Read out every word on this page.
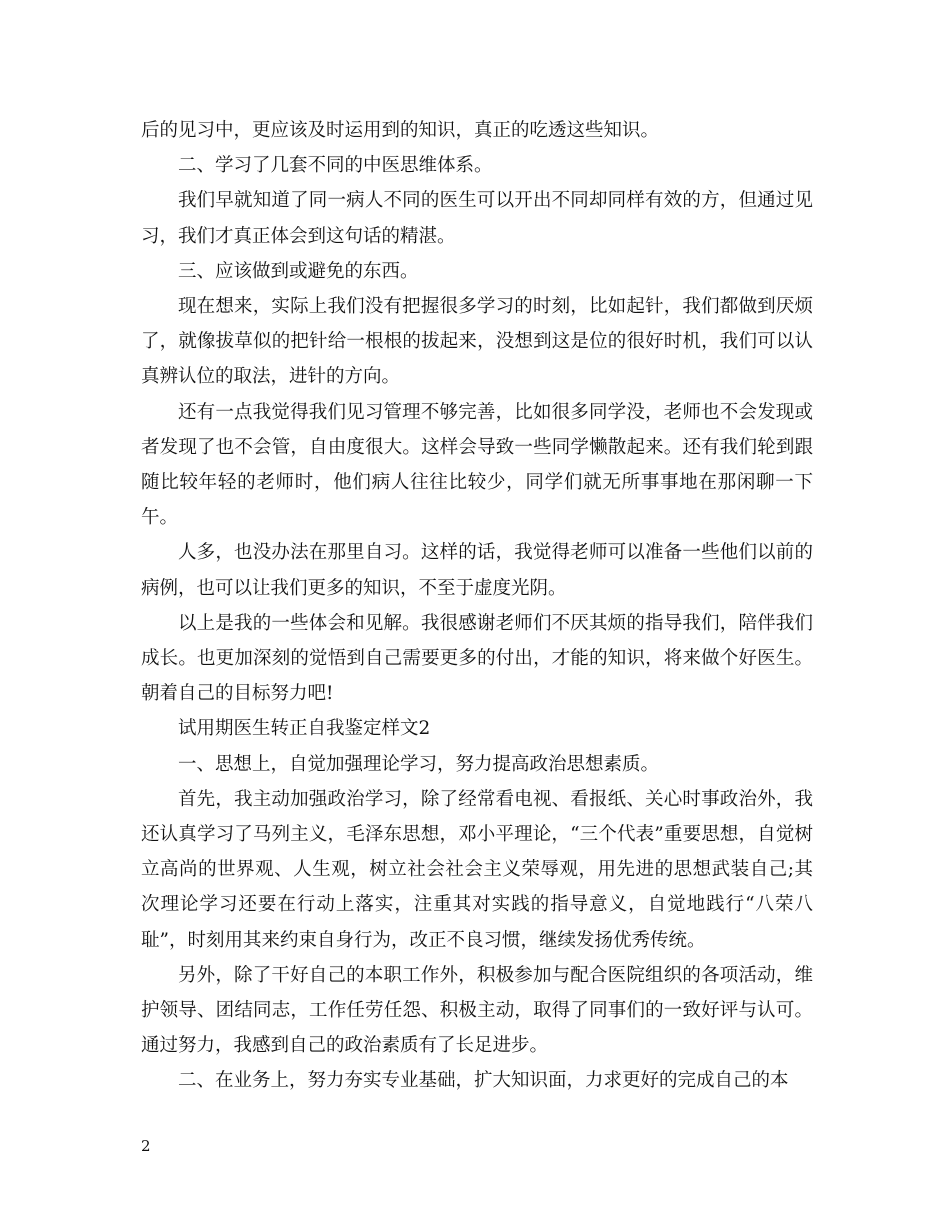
后的见习中，更应该及时运用到的知识，真正的吃透这些知识。

二、学习了几套不同的中医思维体系。

我们早就知道了同一病人不同的医生可以开出不同却同样有效的方，但通过见习，我们才真正体会到这句话的精湛。

三、应该做到或避免的东西。

现在想来，实际上我们没有把握很多学习的时刻，比如起针，我们都做到厌烦了，就像拔草似的把针给一根根的拔起来，没想到这是位的很好时机，我们可以认真辨认位的取法，进针的方向。

还有一点我觉得我们见习管理不够完善，比如很多同学没，老师也不会发现或者发现了也不会管，自由度很大。这样会导致一些同学懒散起来。还有我们轮到跟随比较年轻的老师时，他们病人往往比较少，同学们就无所事事地在那闲聊一下午。

人多，也没办法在那里自习。这样的话，我觉得老师可以准备一些他们以前的病例，也可以让我们更多的知识，不至于虚度光阴。

以上是我的一些体会和见解。我很感谢老师们不厌其烦的指导我们，陪伴我们成长。也更加深刻的觉悟到自己需要更多的付出，才能的知识，将来做个好医生。朝着自己的目标努力吧!

试用期医生转正自我鉴定样文2

一、思想上，自觉加强理论学习，努力提高政治思想素质。

首先，我主动加强政治学习，除了经常看电视、看报纸、关心时事政治外，我还认真学习了马列主义，毛泽东思想，邓小平理论，“三个代表”重要思想，自觉树立高尚的世界观、人生观，树立社会社会主义荣辱观，用先进的思想武装自己;其次理论学习还要在行动上落实，注重其对实践的指导意义，自觉地践行“八荣八耻”，时刻用其来约束自身行为，改正不良习惯，继续发扬优秀传统。

另外，除了干好自己的本职工作外，积极参加与配合医院组织的各项活动，维护领导、团结同志，工作任劳任怨、积极主动，取得了同事们的一致好评与认可。通过努力，我感到自己的政治素质有了长足进步。

二、在业务上，努力夯实专业基础，扩大知识面，力求更好的完成自己的本

2
